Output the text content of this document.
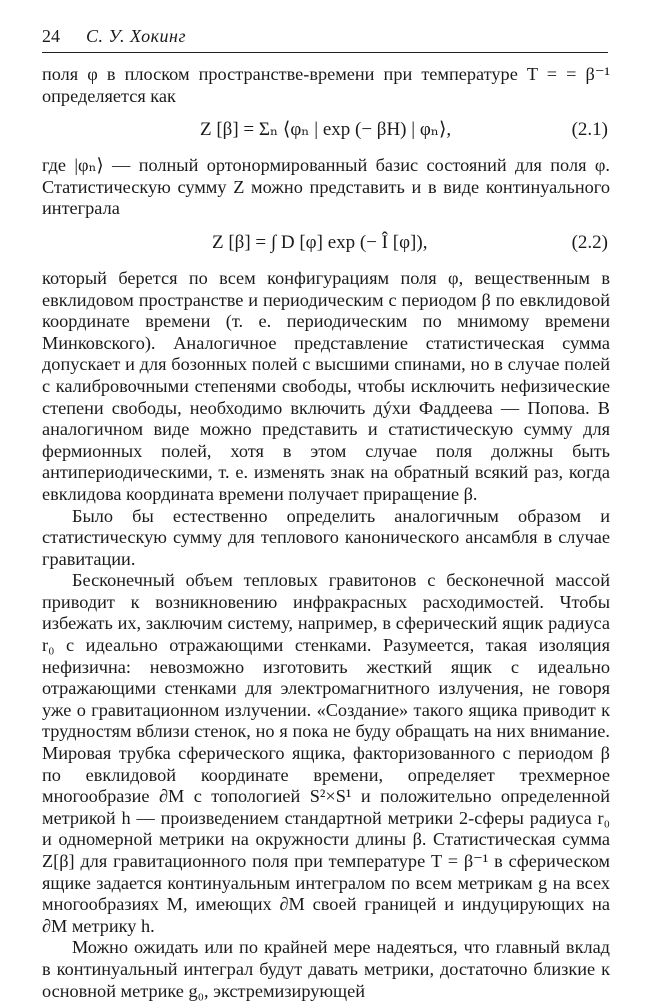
24 С. У. Хокинг

поля φ в плоском пространстве-времени при температуре T = = β⁻¹ определяется как

Z [β] = Σₙ ⟨φₙ | exp (− βH) | φₙ⟩,	(2.1)

где |φₙ⟩ — полный ортонормированный базис состояний для поля φ. Статистическую сумму Z можно представить и в виде континуального интеграла

Z [β] = ∫ D [φ] exp (− Î [φ]),	(2.2)

который берется по всем конфигурациям поля φ, вещественным в евклидовом пространстве и периодическим с периодом β по евклидовой координате времени (т. е. периодическим по мнимому времени Минковского). Аналогичное представление статистическая сумма допускает и для бозонных полей с высшими спинами, но в случае полей с калибровочными степенями свободы, чтобы исключить нефизические степени свободы, необходимо включить дýхи Фаддеева — Попова. В аналогичном виде можно представить и статистическую сумму для фермионных полей, хотя в этом случае поля должны быть антипериодическими, т. е. изменять знак на обратный всякий раз, когда евклидова координата времени получает приращение β.

Было бы естественно определить аналогичным образом и статистическую сумму для теплового канонического ансамбля в случае гравитации.

Бесконечный объем тепловых гравитонов с бесконечной массой приводит к возникновению инфракрасных расходимостей. Чтобы избежать их, заключим систему, например, в сферический ящик радиуса r₀ с идеально отражающими стенками. Разумеется, такая изоляция нефизична: невозможно изготовить жесткий ящик с идеально отражающими стенками для электромагнитного излучения, не говоря уже о гравитационном излучении. «Создание» такого ящика приводит к трудностям вблизи стенок, но я пока не буду обращать на них внимание. Мировая трубка сферического ящика, факторизованного с периодом β по евклидовой координате времени, определяет трехмерное многообразие ∂M с топологией S²×S¹ и положительно определенной метрикой h — произведением стандартной метрики 2-сферы радиуса r₀ и одномерной метрики на окружности длины β. Статистическая сумма Z[β] для гравитационного поля при температуре T = β⁻¹ в сферическом ящике задается континуальным интегралом по всем метрикам g на всех многообразиях M, имеющих ∂M своей границей и индуцирующих на ∂M метрику h.

Можно ожидать или по крайней мере надеяться, что главный вклад в континуальный интеграл будут давать метрики, достаточно близкие к основной метрике g₀, экстремизирующей
